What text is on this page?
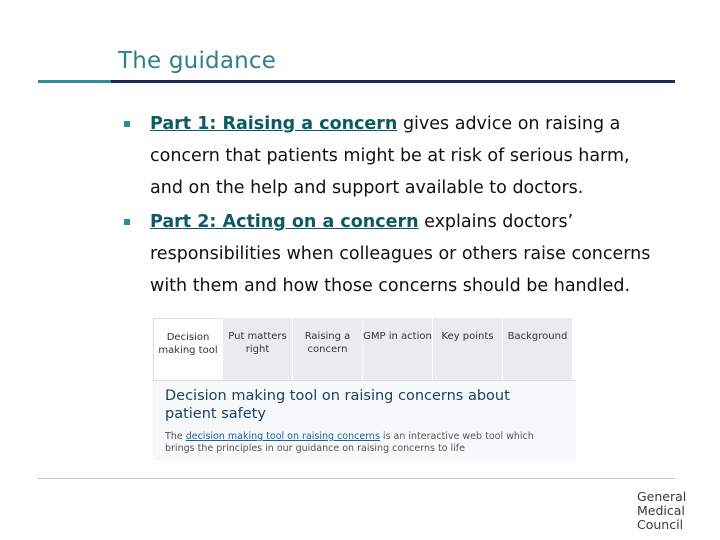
The guidance
Part 1: Raising a concern gives advice on raising a concern that patients might be at risk of serious harm, and on the help and support available to doctors.
Part 2: Acting on a concern explains doctors’ responsibilities when colleagues or others raise concerns with them and how those concerns should be handled.
Decision making tool
Put matters right
Raising a concern
GMP in action Key points	Background
Decision making tool on raising concerns about patient safety
The decision making tool on raising concerns is an interactive web tool which brings the principles in our guidance on raising concerns to life
General
Medical
Council
